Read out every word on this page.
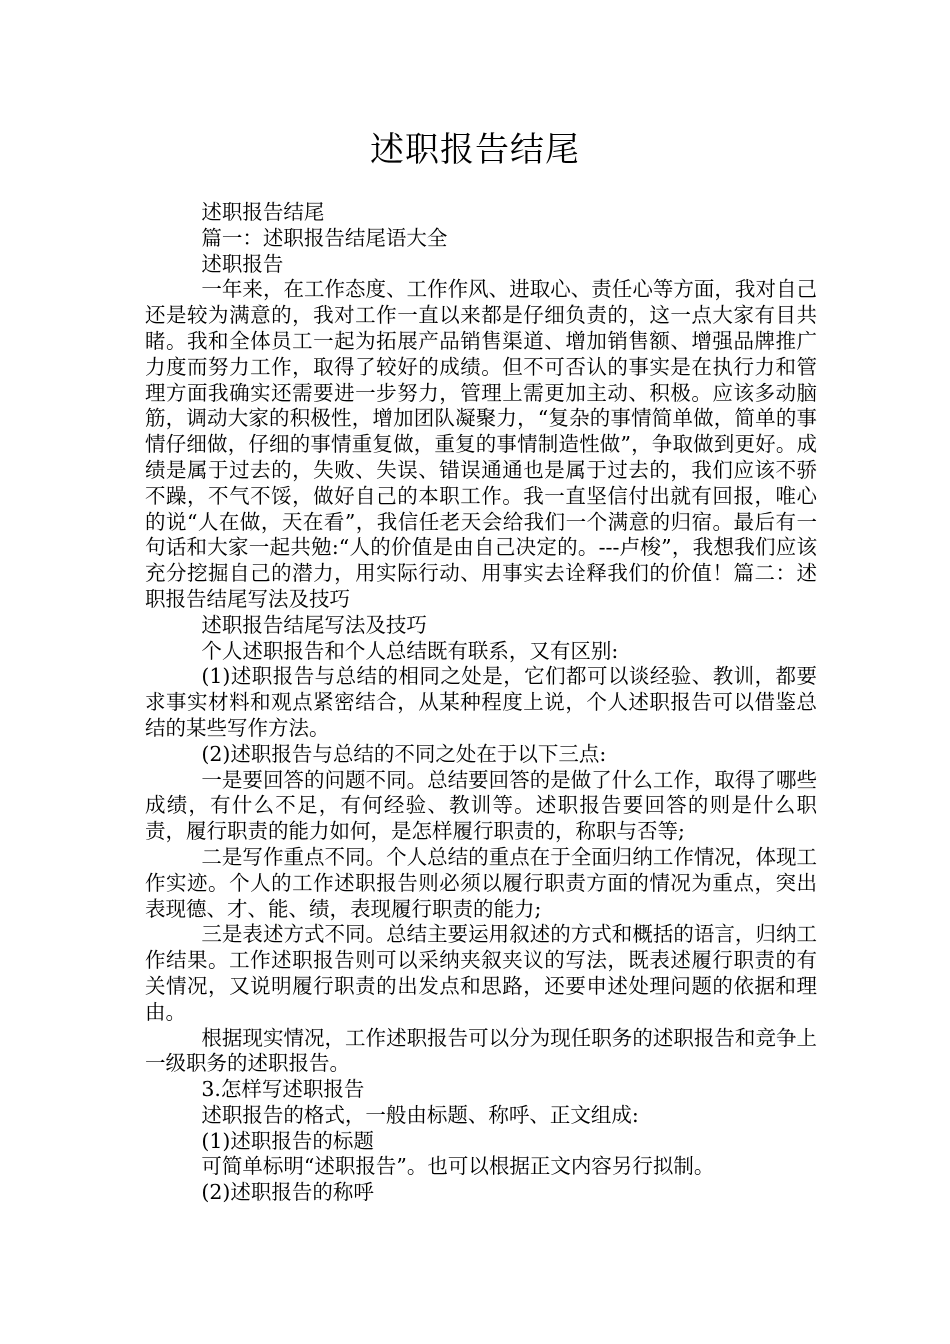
述职报告结尾

述职报告结尾

篇一：述职报告结尾语大全

述职报告

一年来，在工作态度、工作作风、进取心、责任心等方面，我对自己还是较为满意的，我对工作一直以来都是仔细负责的，这一点大家有目共睹。我和全体员工一起为拓展产品销售渠道、增加销售额、增强品牌推广力度而努力工作，取得了较好的成绩。但不可否认的事实是在执行力和管理方面我确实还需要进一步努力，管理上需更加主动、积极。应该多动脑筋，调动大家的积极性，增加团队凝聚力，“复杂的事情简单做，简单的事情仔细做，仔细的事情重复做，重复的事情制造性做”，争取做到更好。成绩是属于过去的，失败、失误、错误通通也是属于过去的，我们应该不骄不躁，不气不馁，做好自己的本职工作。我一直坚信付出就有回报，唯心的说“人在做，天在看”，我信任老天会给我们一个满意的归宿。最后有一句话和大家一起共勉:“人的价值是由自己决定的。---卢梭”，我想我们应该充分挖掘自己的潜力，用实际行动、用事实去诠释我们的价值！篇二：述职报告结尾写法及技巧

述职报告结尾写法及技巧

个人述职报告和个人总结既有联系，又有区别:

(1)述职报告与总结的相同之处是，它们都可以谈经验、教训，都要求事实材料和观点紧密结合，从某种程度上说，个人述职报告可以借鉴总结的某些写作方法。

(2)述职报告与总结的不同之处在于以下三点:

一是要回答的问题不同。总结要回答的是做了什么工作，取得了哪些成绩，有什么不足，有何经验、教训等。述职报告要回答的则是什么职责，履行职责的能力如何，是怎样履行职责的，称职与否等;

二是写作重点不同。个人总结的重点在于全面归纳工作情况，体现工作实迹。个人的工作述职报告则必须以履行职责方面的情况为重点，突出表现德、才、能、绩，表现履行职责的能力;

三是表述方式不同。总结主要运用叙述的方式和概括的语言，归纳工作结果。工作述职报告则可以采纳夹叙夹议的写法，既表述履行职责的有关情况，又说明履行职责的出发点和思路，还要申述处理问题的依据和理由。

根据现实情况，工作述职报告可以分为现任职务的述职报告和竞争上一级职务的述职报告。

3.怎样写述职报告

述职报告的格式，一般由标题、称呼、正文组成:

(1)述职报告的标题

可简单标明“述职报告”。也可以根据正文内容另行拟制。

(2)述职报告的称呼
